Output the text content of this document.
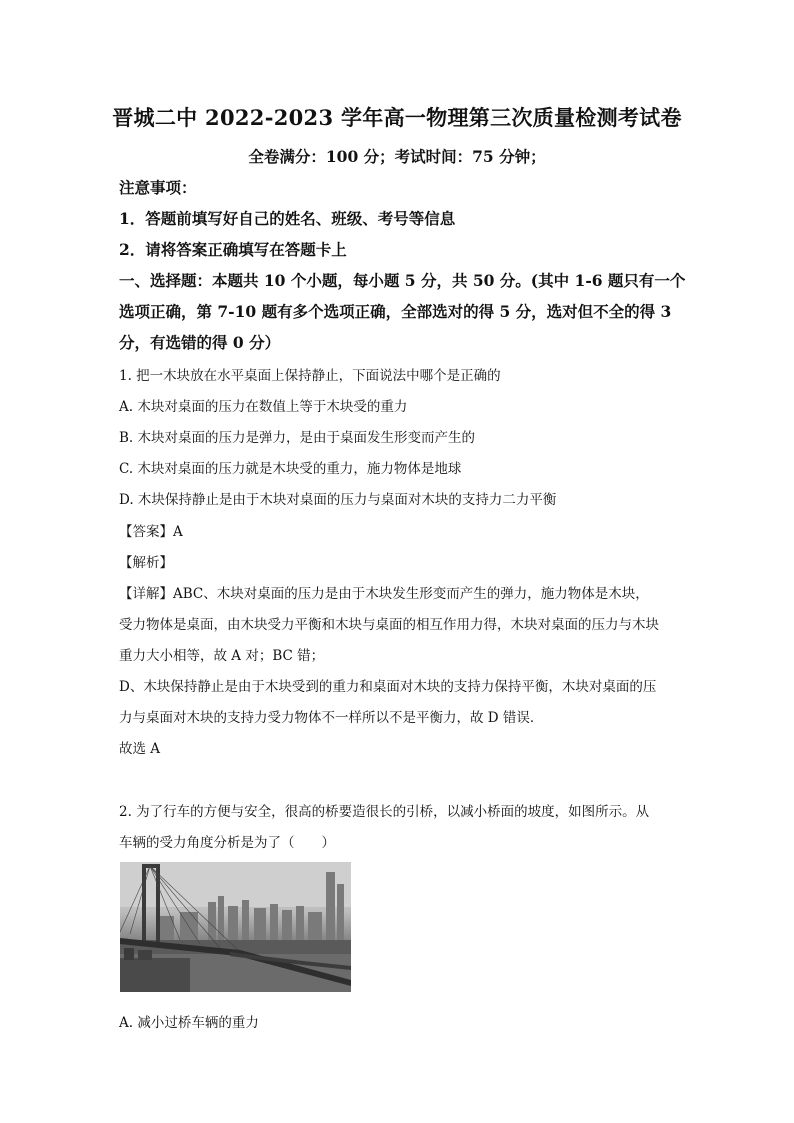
晋城二中 2022-2023 学年高一物理第三次质量检测考试卷
全卷满分：100 分；考试时间：75 分钟；
注意事项：
1．答题前填写好自己的姓名、班级、考号等信息
2．请将答案正确填写在答题卡上
一、选择题：本题共 10 个小题，每小题 5 分，共 50 分。(其中 1-6 题只有一个
选项正确，第 7-10 题有多个选项正确，全部选对的得 5 分，选对但不全的得 3
分，有选错的得 0 分）
1. 把一木块放在水平桌面上保持静止，下面说法中哪个是正确的
A. 木块对桌面的压力在数值上等于木块受的重力
B. 木块对桌面的压力是弹力，是由于桌面发生形变而产生的
C. 木块对桌面的压力就是木块受的重力，施力物体是地球
D. 木块保持静止是由于木块对桌面的压力与桌面对木块的支持力二力平衡
【答案】A
【解析】
【详解】ABC、木块对桌面的压力是由于木块发生形变而产生的弹力，施力物体是木块，
受力物体是桌面，由木块受力平衡和木块与桌面的相互作用力得，木块对桌面的压力与木块
重力大小相等，故 A 对；BC 错；
D、木块保持静止是由于木块受到的重力和桌面对木块的支持力保持平衡，木块对桌面的压
力与桌面对木块的支持力受力物体不一样所以不是平衡力，故 D 错误．
故选 A
2. 为了行车的方便与安全，很高的桥要造很长的引桥，以减小桥面的坡度，如图所示。从
车辆的受力角度分析是为了（　　）
A. 减小过桥车辆的重力
